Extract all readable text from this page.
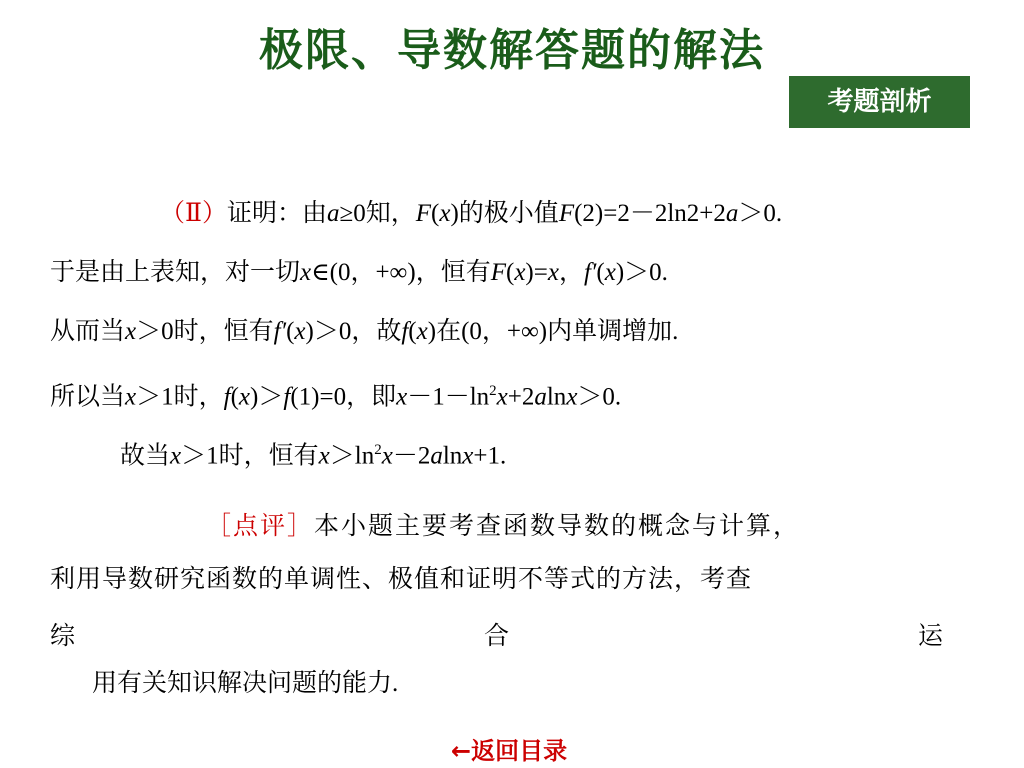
极限、导数解答题的解法
考题剖析
（Ⅱ）证明：由a≥0知，F(x)的极小值F(2)=2－2ln2+2a＞0.
于是由上表知，对一切x∈(0，+∞)，恒有F(x)=x，f′(x)＞0.
从而当x＞0时，恒有f′(x)＞0，故f(x)在(0，+∞)内单调增加.
所以当x＞1时，f(x)＞f(1)=0，即$x-1-\ln^2x+2alnx>0$.
故当x＞1时，恒有$x>\ln^2x-2alnx+1$.
［点评］本小题主要考查函数导数的概念与计算，
利用导数研究函数的单调性、极值和证明不等式的方法，考查
综	合	运
用有关知识解决问题的能力.
←返回目录
